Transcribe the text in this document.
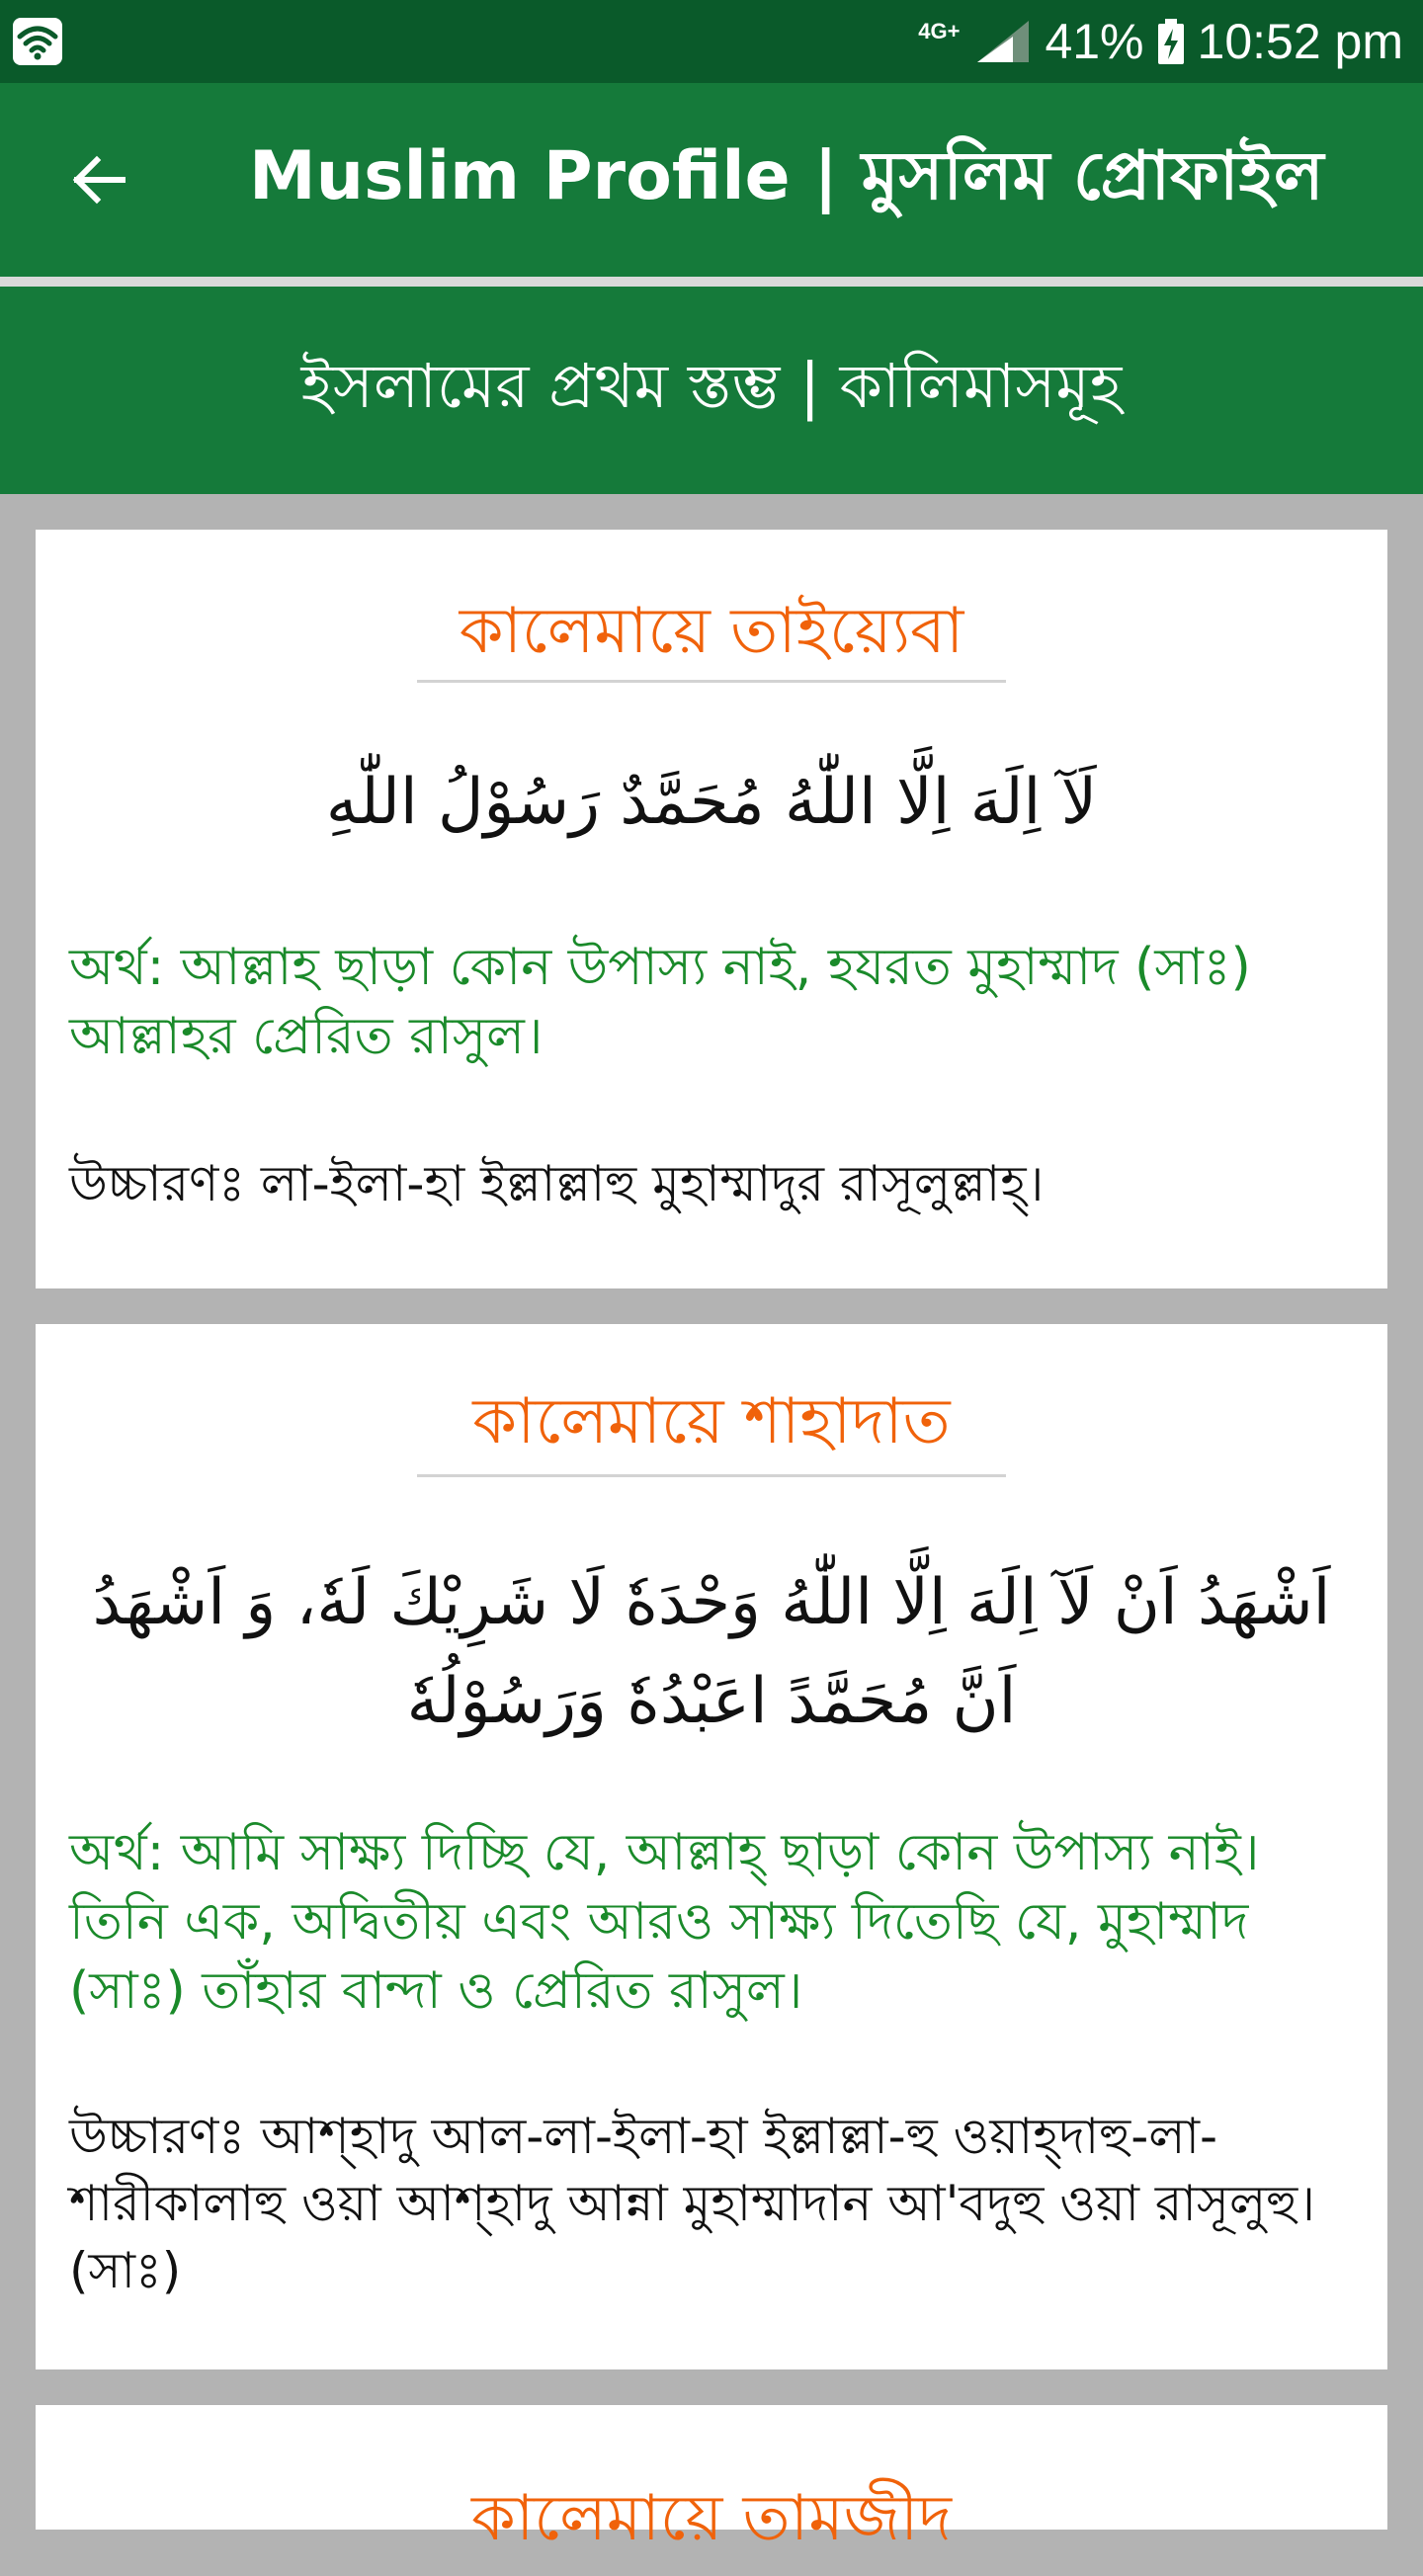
4G+ 41% 10:52 pm
Muslim Profile | মুসলিম প্রোফাইল
ইসলামের প্রথম স্তম্ভ | কালিমাসমূহ
কালেমায়ে তাইয়্যেবা
لَآ اِلَهَ اِلَّا اللّٰهُ مُحَمَّدٌ رَسُوْلُ اللّٰهِ
অর্থ: আল্লাহ ছাড়া কোন উপাস্য নাই, হযরত মুহাম্মাদ (সাঃ) আল্লাহর প্রেরিত রাসুল।
উচ্চারণঃ লা-ইলা-হা ইল্লাল্লাহু মুহাম্মাদুর রাসূলুল্লাহ্।
কালেমায়ে শাহাদাত
اَشْهَدُ اَنْ لَآ اِلَهَ اِلَّا اللّٰهُ وَحْدَهٗ لَا شَرِيْكَ لَهٗ، وَ اَشْهَدُ اَنَّ مُحَمَّدً اعَبْدُهٗ وَرَسُوْلُهٗ
অর্থ: আমি সাক্ষ্য দিচ্ছি যে, আল্লাহ্ ছাড়া কোন উপাস্য নাই। তিনি এক, অদ্বিতীয় এবং আরও সাক্ষ্য দিতেছি যে, মুহাম্মাদ (সাঃ) তাঁহার বান্দা ও প্রেরিত রাসুল।
উচ্চারণঃ আশ্হাদু আল-লা-ইলা-হা ইল্লাল্লা-হু ওয়াহ্দাহু-লা-শারীকালাহু ওয়া আশ্হাদু আন্না মুহাম্মাদান আ'বদুহু ওয়া রাসূলুহু।(সাঃ)
কালেমায়ে তামজীদ
